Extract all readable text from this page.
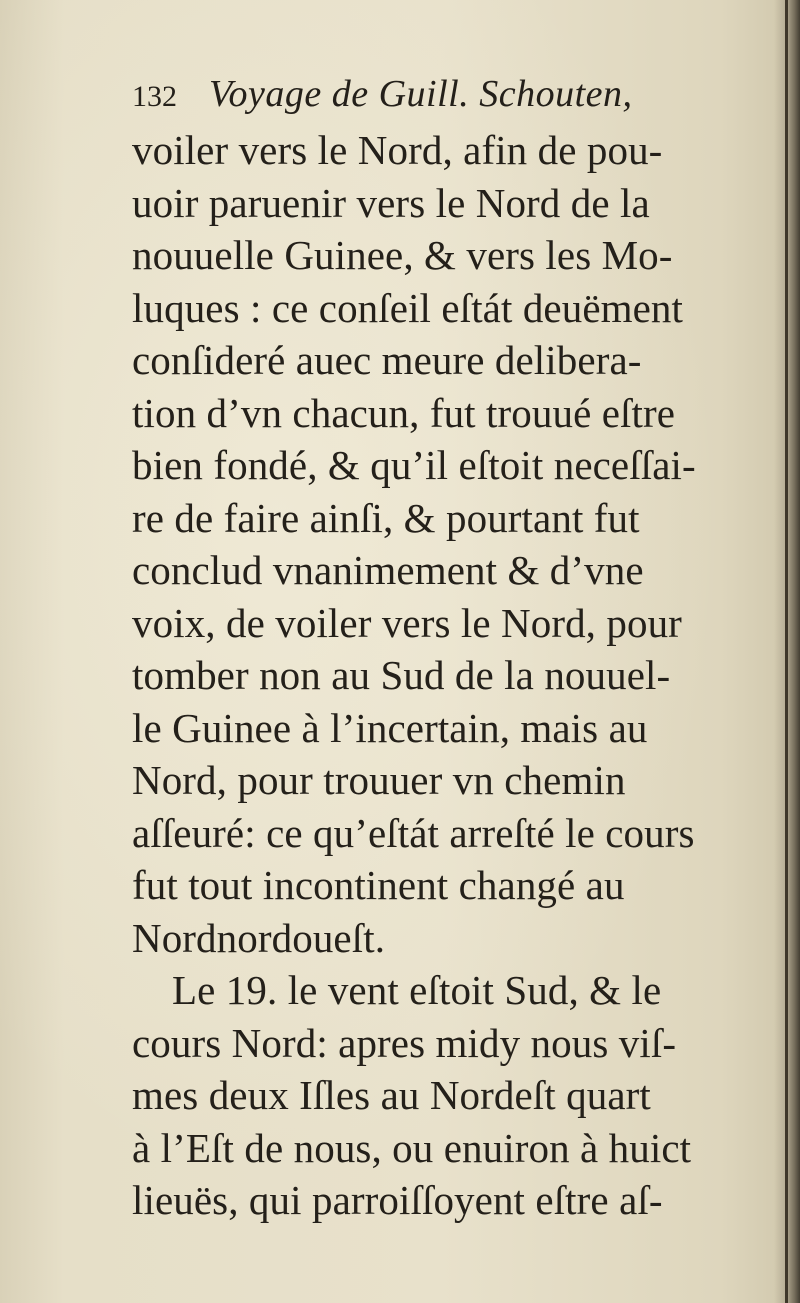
132 Voyage de Guill. Schouten,
voiler vers le Nord, afin de pou-
uoir paruenir vers le Nord de la
nouuelle Guinee, & vers les Mo-
luques : ce conſeil eſtát deuëment
conſideré auec meure delibera-
tion d’vn chacun, fut trouué eſtre
bien fondé, & qu’il eſtoit neceſſai-
re de faire ainſi, & pourtant fut
conclud vnanimement & d’vne
voix, de voiler vers le Nord, pour
tomber non au Sud de la nouuel-
le Guinee à l’incertain, mais au
Nord, pour trouuer vn chemin
aſſeuré: ce qu’eſtát arreſté le cours
fut tout incontinent changé au
Nordnordoueſt.
Le 19. le vent eſtoit Sud, & le
cours Nord: apres midy nous viſ-
mes deux Iſles au Nordeſt quart
à l’Eſt de nous, ou enuiron à huict
lieuës, qui parroiſſoyent eſtre aſ-
